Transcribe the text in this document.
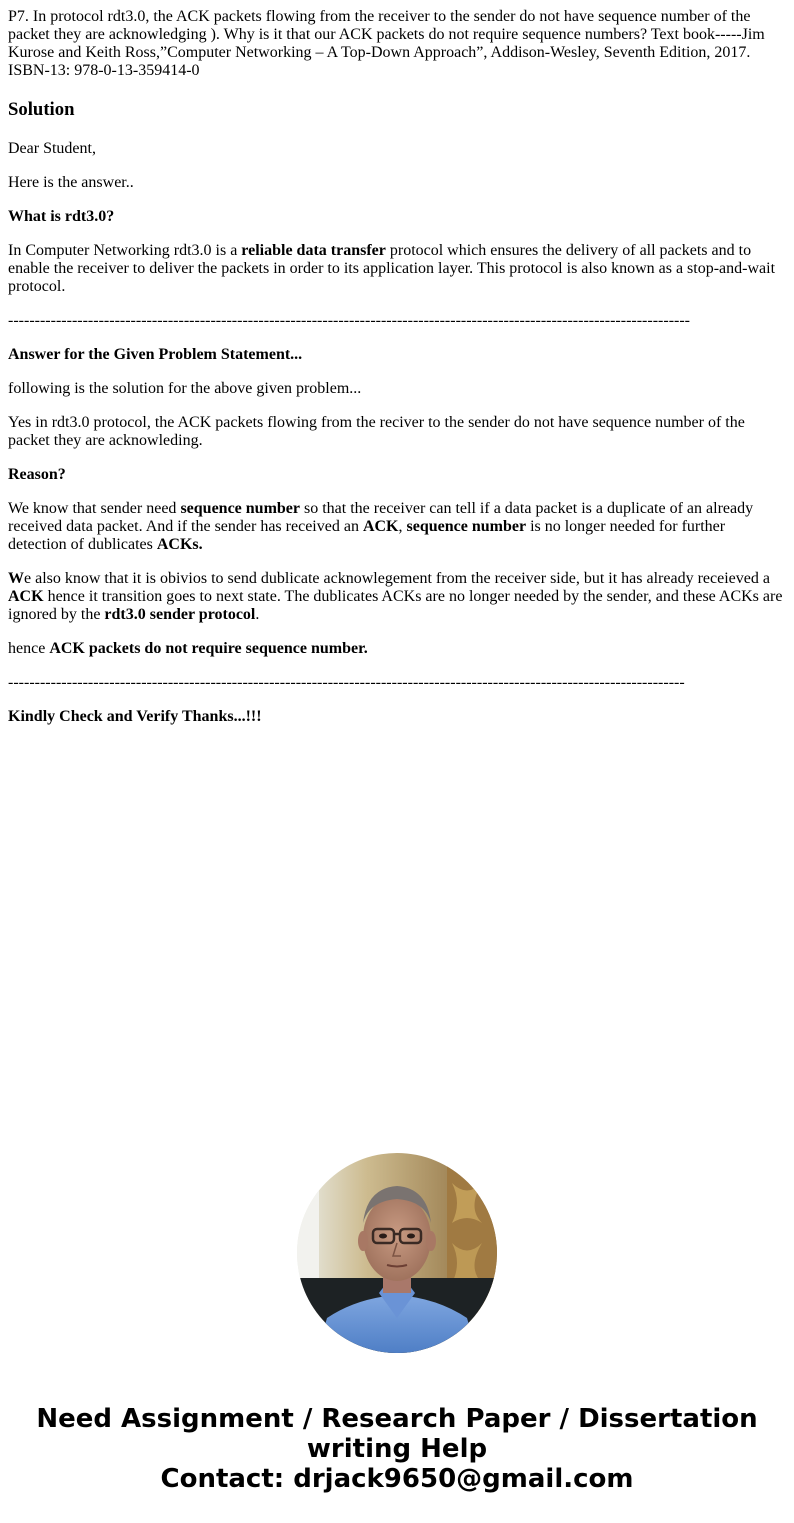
P7. In protocol rdt3.0, the ACK packets flowing from the receiver to the sender do not have sequence number of the packet they are acknowledging ). Why is it that our ACK packets do not require sequence numbers? Text book-----Jim Kurose and Keith Ross,”Computer Networking – A Top-Down Approach”, Addison-Wesley, Seventh Edition, 2017. ISBN-13: 978-0-13-359414-0

Solution

Dear Student,

Here is the answer..

What is rdt3.0?

In Computer Networking rdt3.0 is a reliable data transfer protocol which ensures the delivery of all packets and to enable the receiver to deliver the packets in order to its application layer. This protocol is also known as a stop-and-wait protocol.

--------------------------------------------------------------------------------------------------------------------------------

Answer for the Given Problem Statement...

following is the solution for the above given problem...

Yes in rdt3.0 protocol, the ACK packets flowing from the reciver to the sender do not have sequence number of the packet they are acknowleding.

Reason?

We know that sender need sequence number so that the receiver can tell if a data packet is a duplicate of an already received data packet. And if the sender has received an ACK, sequence number is no longer needed for further detection of dublicates ACKs.

We also know that it is obivios to send dublicate acknowlegement from the receiver side, but it has already receieved a ACK hence it transition goes to next state. The dublicates ACKs are no longer needed by the sender, and these ACKs are ignored by the rdt3.0 sender protocol.

hence ACK packets do not require sequence number.

-------------------------------------------------------------------------------------------------------------------------------

Kindly Check and Verify Thanks...!!!

Need Assignment / Research Paper / Dissertation
writing Help
Contact: drjack9650@gmail.com
